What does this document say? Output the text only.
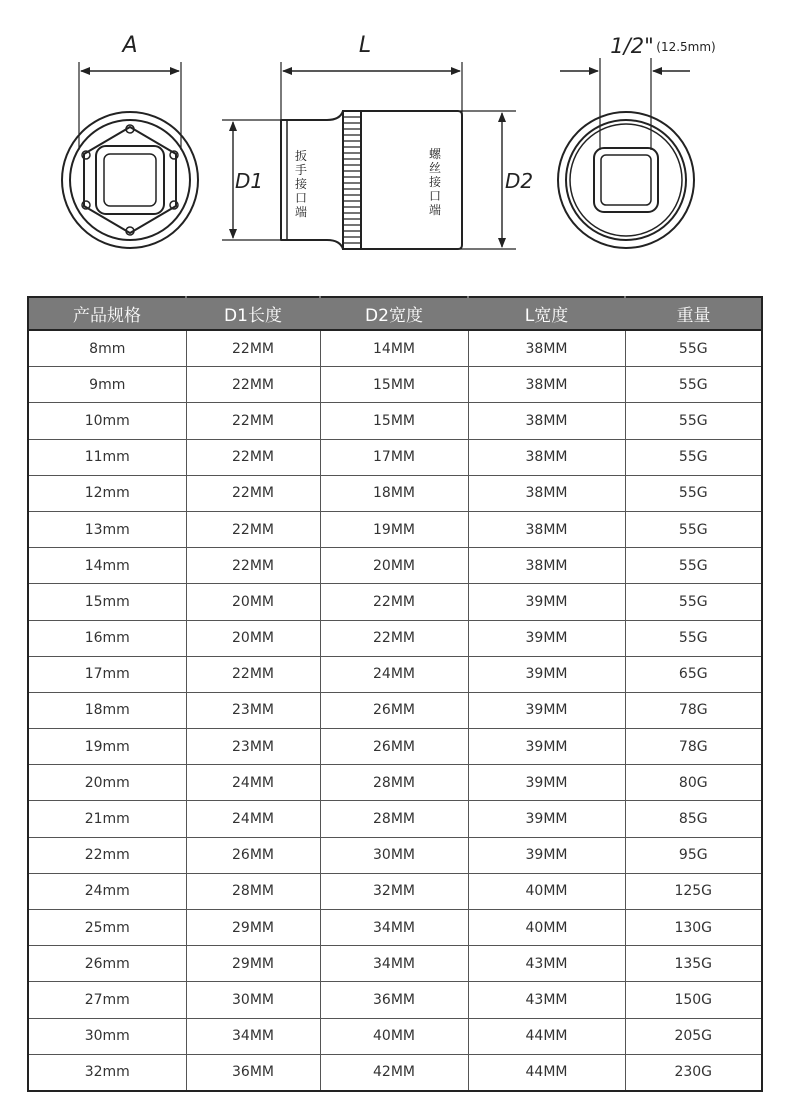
A	L
D1	D2
扳
手
接
口
端
螺
丝
接
口
端
1/2" (12.5mm)
产品规格	D1长度	D2宽度	L宽度	重量
8mm	22MM	14MM	38MM	55G
9mm	22MM	15MM	38MM	55G
10mm	22MM	15MM	38MM	55G
11mm	22MM	17MM	38MM	55G
12mm	22MM	18MM	38MM	55G
13mm	22MM	19MM	38MM	55G
14mm	22MM	20MM	38MM	55G
15mm	20MM	22MM	39MM	55G
16mm	20MM	22MM	39MM	55G
17mm	22MM	24MM	39MM	65G
18mm	23MM	26MM	39MM	78G
19mm	23MM	26MM	39MM	78G
20mm	24MM	28MM	39MM	80G
21mm	24MM	28MM	39MM	85G
22mm	26MM	30MM	39MM	95G
24mm	28MM	32MM	40MM	125G
25mm	29MM	34MM	40MM	130G
26mm	29MM	34MM	43MM	135G
27mm	30MM	36MM	43MM	150G
30mm	34MM	40MM	44MM	205G
32mm	36MM	42MM	44MM	230G
